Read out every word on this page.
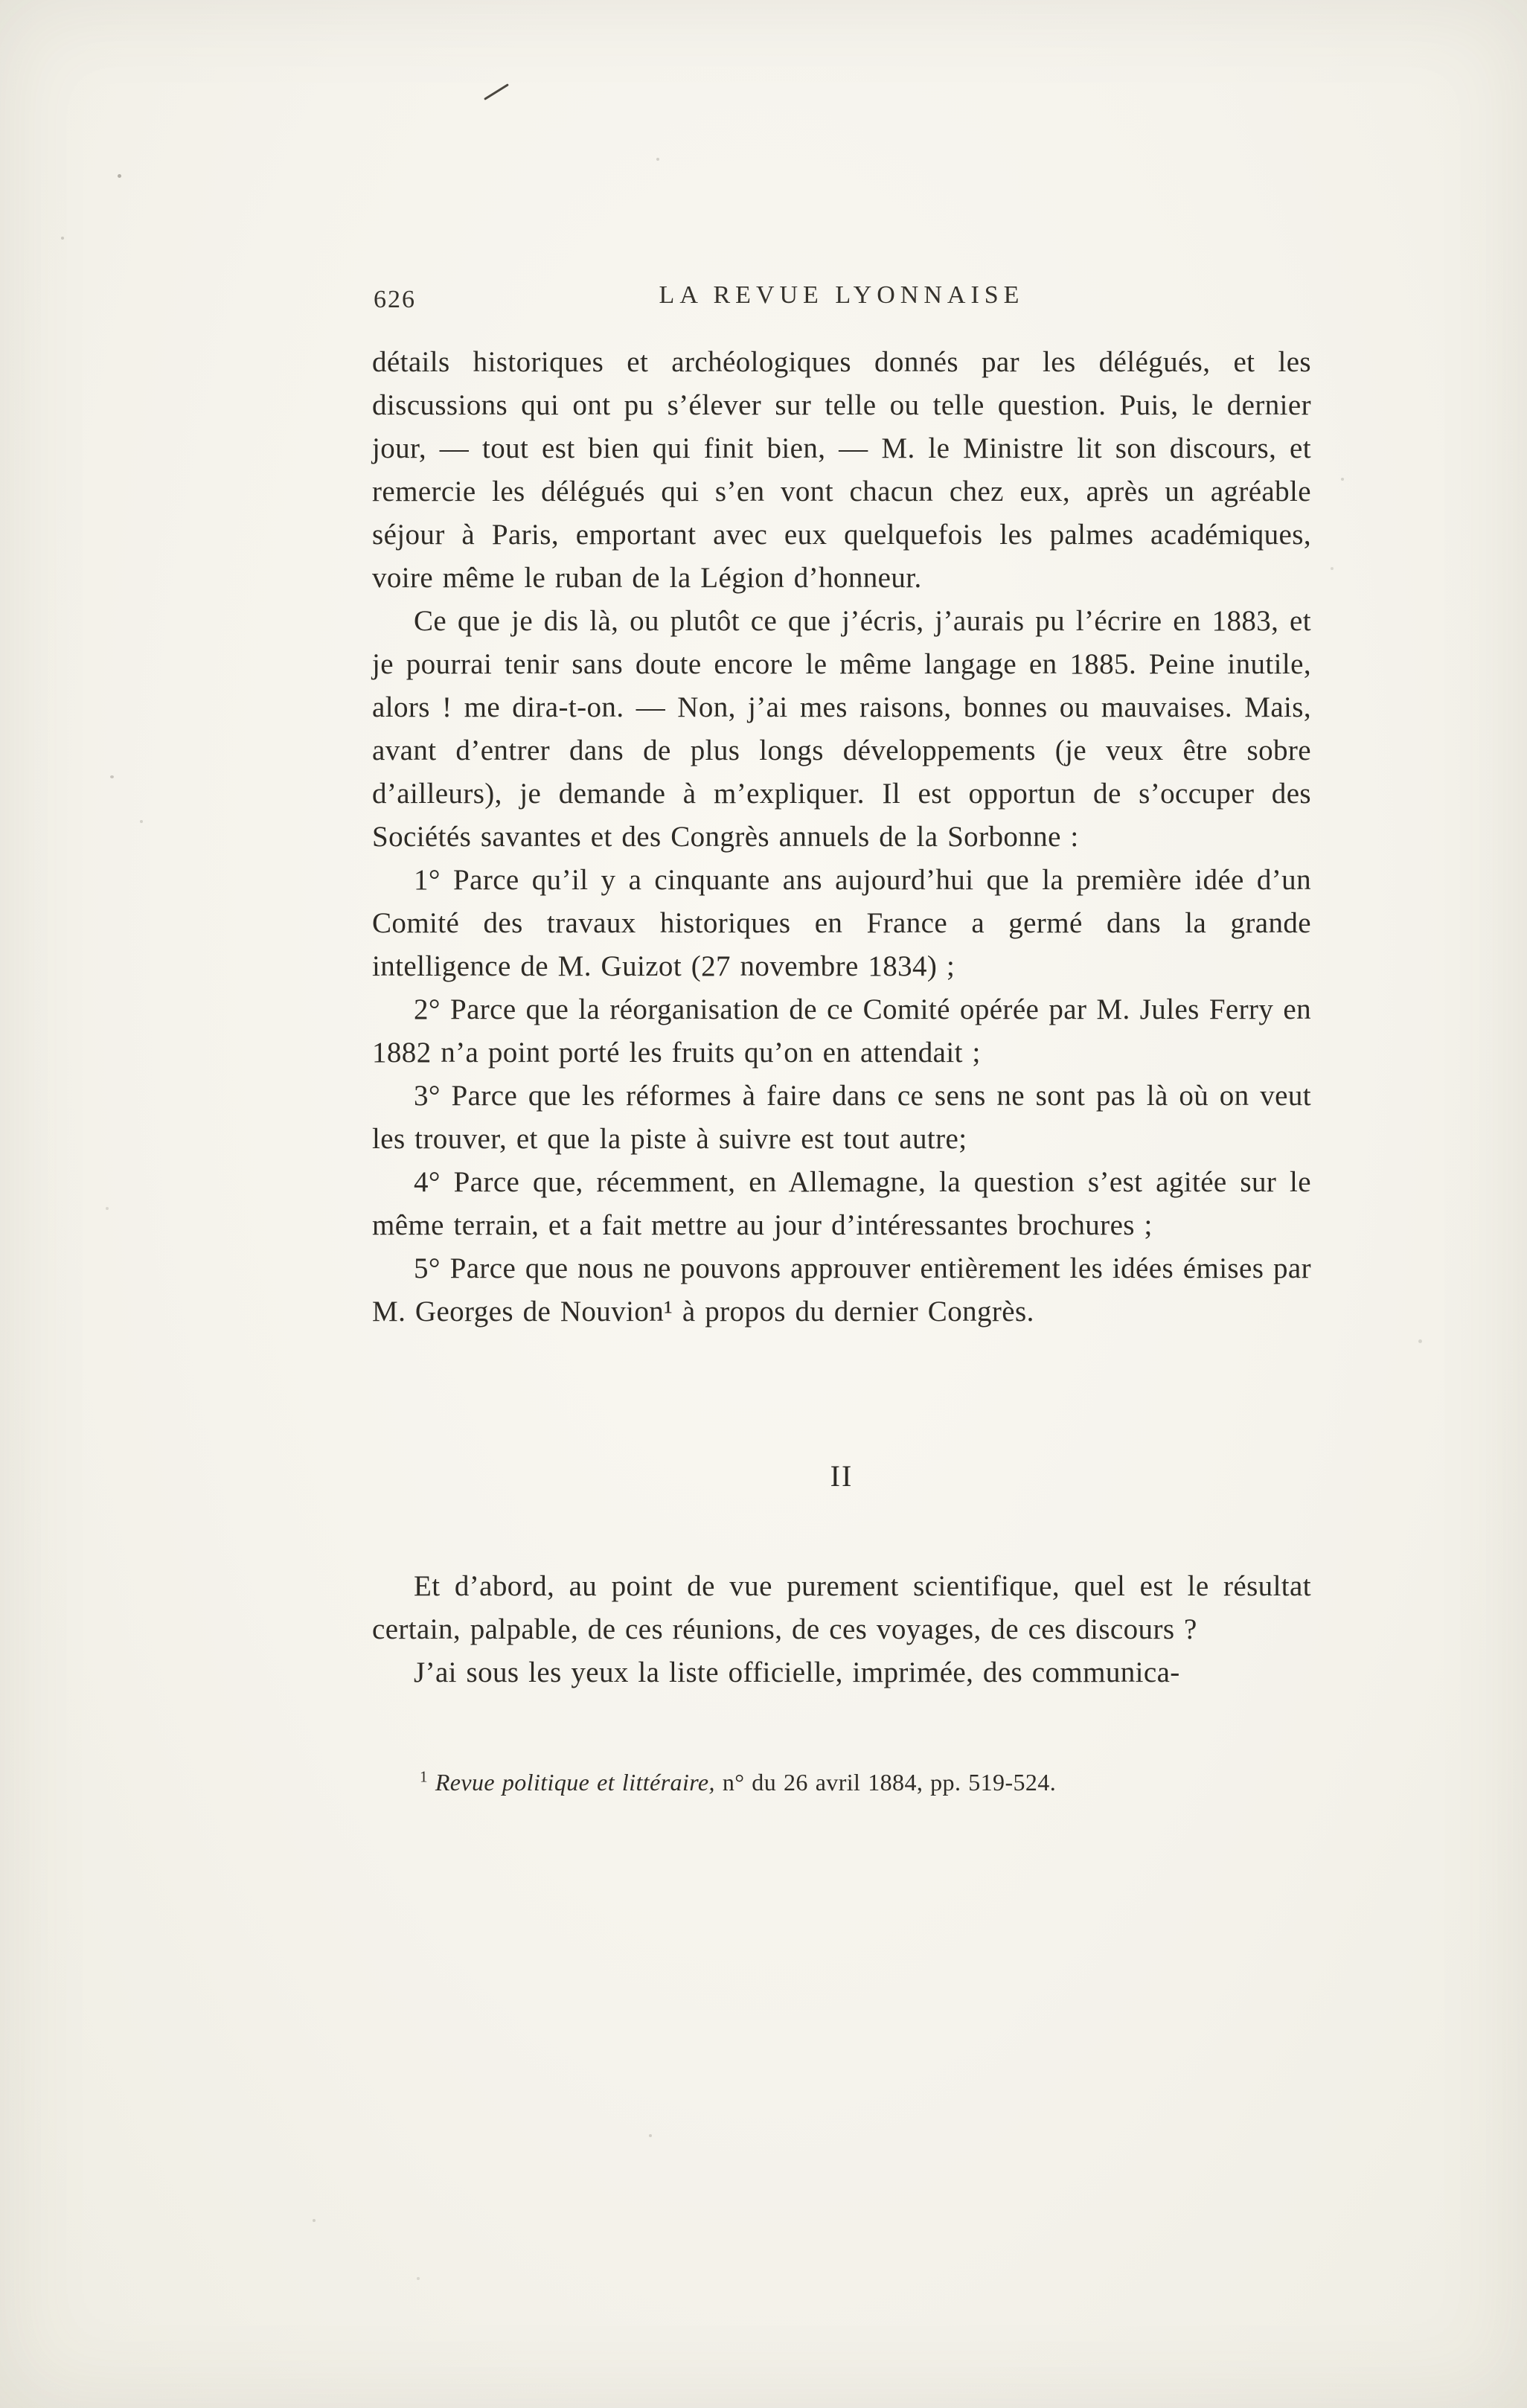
626	LA REVUE LYONNAISE

détails historiques et archéologiques donnés par les délégués, et les discussions qui ont pu s’élever sur telle ou telle question. Puis, le dernier jour, — tout est bien qui finit bien, — M. le Ministre lit son discours, et remercie les délégués qui s’en vont chacun chez eux, après un agréable séjour à Paris, emportant avec eux quelquefois les palmes académiques, voire même le ruban de la Légion d’honneur.

Ce que je dis là, ou plutôt ce que j’écris, j’aurais pu l’écrire en 1883, et je pourrai tenir sans doute encore le même langage en 1885. Peine inutile, alors ! me dira-t-on. — Non, j’ai mes raisons, bonnes ou mauvaises. Mais, avant d’entrer dans de plus longs développements (je veux être sobre d’ailleurs), je demande à m’expliquer. Il est opportun de s’occuper des Sociétés savantes et des Congrès annuels de la Sorbonne :

1° Parce qu’il y a cinquante ans aujourd’hui que la première idée d’un Comité des travaux historiques en France a germé dans la grande intelligence de M. Guizot (27 novembre 1834) ;

2° Parce que la réorganisation de ce Comité opérée par M. Jules Ferry en 1882 n’a point porté les fruits qu’on en attendait ;

3° Parce que les réformes à faire dans ce sens ne sont pas là où on veut les trouver, et que la piste à suivre est tout autre;

4° Parce que, récemment, en Allemagne, la question s’est agitée sur le même terrain, et a fait mettre au jour d’intéressantes brochures ;

5° Parce que nous ne pouvons approuver entièrement les idées émises par M. Georges de Nouvion¹ à propos du dernier Congrès.

II

Et d’abord, au point de vue purement scientifique, quel est le résultat certain, palpable, de ces réunions, de ces voyages, de ces discours ?

J’ai sous les yeux la liste officielle, imprimée, des communica-

$^1$ Revue politique et littéraire, n° du 26 avril 1884, pp. 519-524.
